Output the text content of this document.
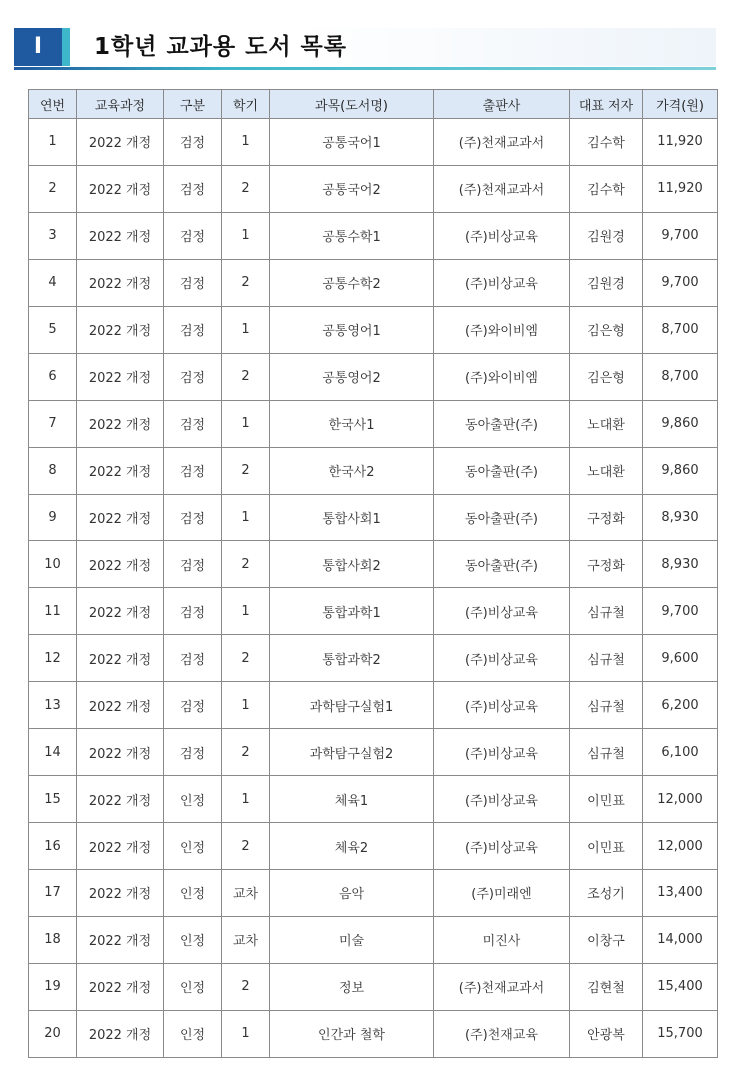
I	1학년 교과용 도서 목록
연번	교육과정	구분	학기	과목(도서명)	출판사	대표 저자	가격(원)
1	2022 개정	검정	1	공통국어1	(주)천재교과서	김수학	11,920
2	2022 개정	검정	2	공통국어2	(주)천재교과서	김수학	11,920
3	2022 개정	검정	1	공통수학1	(주)비상교육	김원경	9,700
4	2022 개정	검정	2	공통수학2	(주)비상교육	김원경	9,700
5	2022 개정	검정	1	공통영어1	(주)와이비엠	김은형	8,700
6	2022 개정	검정	2	공통영어2	(주)와이비엠	김은형	8,700
7	2022 개정	검정	1	한국사1	동아출판(주)	노대환	9,860
8	2022 개정	검정	2	한국사2	동아출판(주)	노대환	9,860
9	2022 개정	검정	1	통합사회1	동아출판(주)	구정화	8,930
10	2022 개정	검정	2	통합사회2	동아출판(주)	구정화	8,930
11	2022 개정	검정	1	통합과학1	(주)비상교육	심규철	9,700
12	2022 개정	검정	2	통합과학2	(주)비상교육	심규철	9,600
13	2022 개정	검정	1	과학탐구실험1	(주)비상교육	심규철	6,200
14	2022 개정	검정	2	과학탐구실험2	(주)비상교육	심규철	6,100
15	2022 개정	인정	1	체육1	(주)비상교육	이민표	12,000
16	2022 개정	인정	2	체육2	(주)비상교육	이민표	12,000
17	2022 개정	인정	교차	음악	(주)미래엔	조성기	13,400
18	2022 개정	인정	교차	미술	미진사	이창구	14,000
19	2022 개정	인정	2	정보	(주)천재교과서	김현철	15,400
20	2022 개정	인정	1	인간과 철학	(주)천재교육	안광복	15,700
